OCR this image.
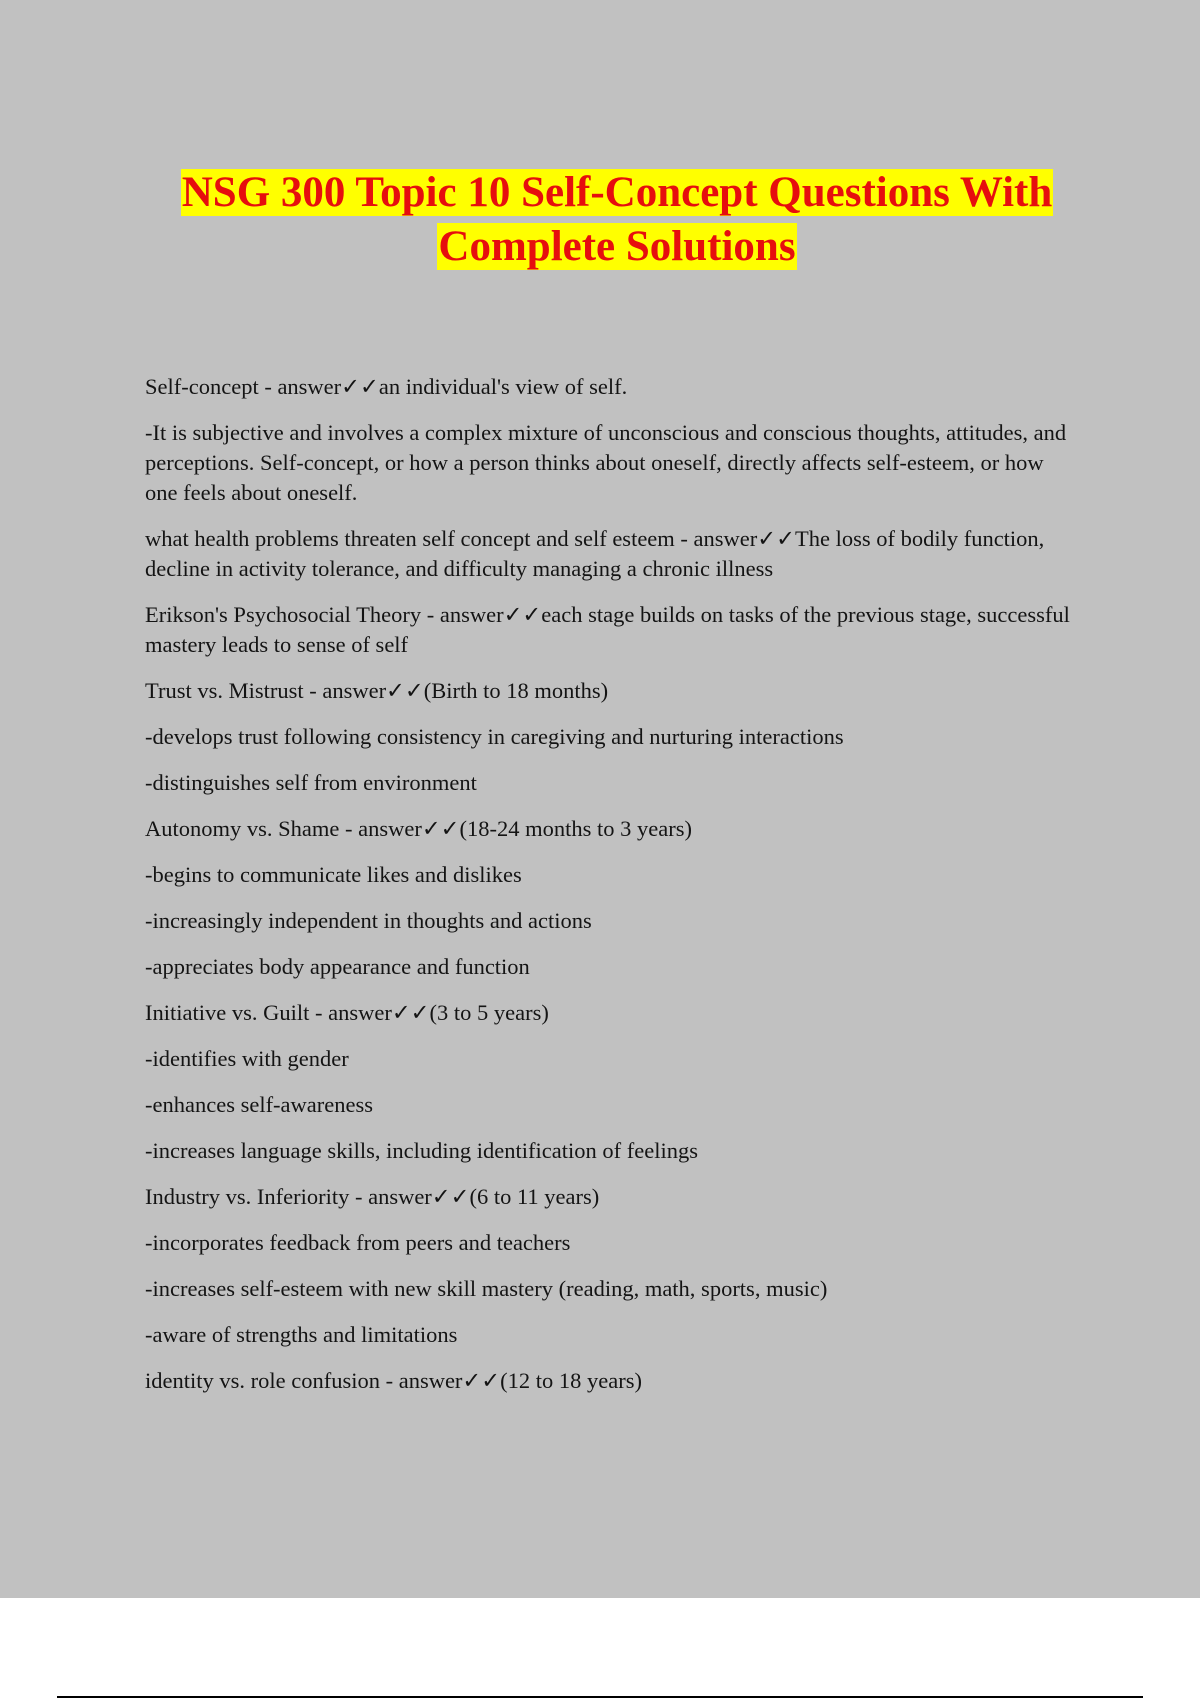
NSG 300 Topic 10 Self-Concept Questions With
Complete Solutions

Self-concept - answer✓✓an individual's view of self.

-It is subjective and involves a complex mixture of unconscious and conscious thoughts, attitudes, and perceptions. Self-concept, or how a person thinks about oneself, directly affects self-esteem, or how one feels about oneself.

what health problems threaten self concept and self esteem - answer✓✓The loss of bodily function, decline in activity tolerance, and difficulty managing a chronic illness

Erikson's Psychosocial Theory - answer✓✓each stage builds on tasks of the previous stage, successful mastery leads to sense of self

Trust vs. Mistrust - answer✓✓(Birth to 18 months)

-develops trust following consistency in caregiving and nurturing interactions

-distinguishes self from environment

Autonomy vs. Shame - answer✓✓(18-24 months to 3 years)

-begins to communicate likes and dislikes

-increasingly independent in thoughts and actions

-appreciates body appearance and function

Initiative vs. Guilt - answer✓✓(3 to 5 years)

-identifies with gender

-enhances self-awareness

-increases language skills, including identification of feelings

Industry vs. Inferiority - answer✓✓(6 to 11 years)

-incorporates feedback from peers and teachers

-increases self-esteem with new skill mastery (reading, math, sports, music)

-aware of strengths and limitations

identity vs. role confusion - answer✓✓(12 to 18 years)
